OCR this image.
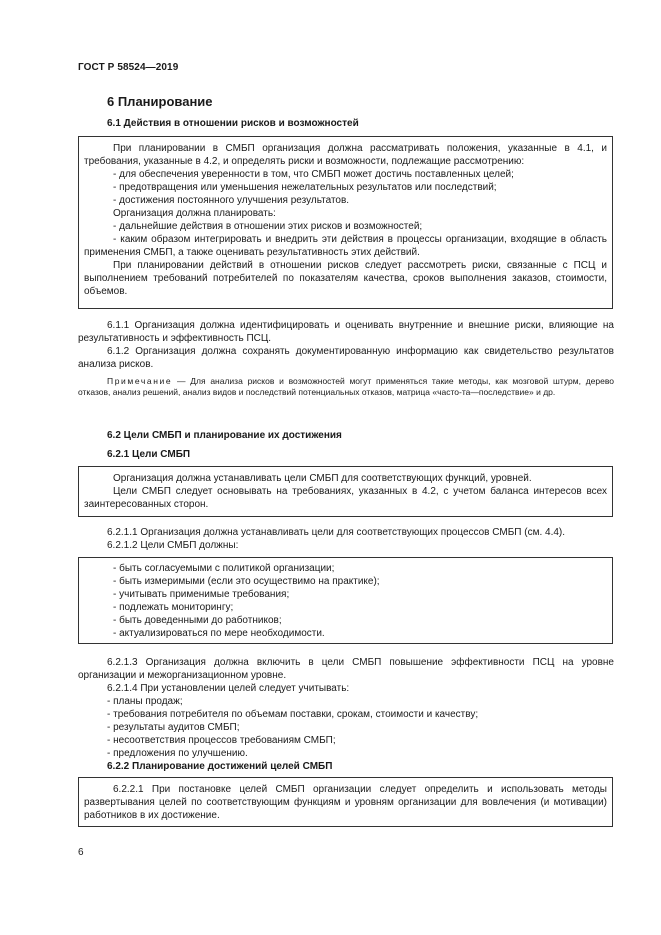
ГОСТ Р 58524—2019
6 Планирование
6.1 Действия в отношении рисков и возможностей

При планировании в СМБП организация должна рассматривать положения, указанные в 4.1, и требования, указанные в 4.2, и определять риски и возможности, подлежащие рассмотрению:

- для обеспечения уверенности в том, что СМБП может достичь поставленных целей;

- предотвращения или уменьшения нежелательных результатов или последствий;

- достижения постоянного улучшения результатов.

Организация должна планировать:

- дальнейшие действия в отношении этих рисков и возможностей;

- каким образом интегрировать и внедрить эти действия в процессы организации, входящие в область применения СМБП, а также оценивать результативность этих действий.

При планировании действий в отношении рисков следует рассмотреть риски, связанные с ПСЦ и выполнением требований потребителей по показателям качества, сроков выполнения заказов, стоимости, объемов.

6.1.1 Организация должна идентифицировать и оценивать внутренние и внешние риски, влияющие на результативность и эффективность ПСЦ.

6.1.2 Организация должна сохранять документированную информацию как свидетельство результатов анализа рисков.

Примечание — Для анализа рисков и возможностей могут применяться такие методы, как мозговой штурм, дерево отказов, анализ решений, анализ видов и последствий потенциальных отказов, матрица «часто-та—последствие» и др.

6.2 Цели СМБП и планирование их достижения
6.2.1 Цели СМБП

Организация должна устанавливать цели СМБП для соответствующих функций, уровней.

Цели СМБП следует основывать на требованиях, указанных в 4.2, с учетом баланса интересов всех заинтересованных сторон.

6.2.1.1 Организация должна устанавливать цели для соответствующих процессов СМБП (см. 4.4).

6.2.1.2 Цели СМБП должны:

- быть согласуемыми с политикой организации;

- быть измеримыми (если это осуществимо на практике);

- учитывать применимые требования;

- подлежать мониторингу;

- быть доведенными до работников;

- актуализироваться по мере необходимости.

6.2.1.3 Организация должна включить в цели СМБП повышение эффективности ПСЦ на уровне организации и межорганизационном уровне.

6.2.1.4 При установлении целей следует учитывать:

- планы продаж;

- требования потребителя по объемам поставки, срокам, стоимости и качеству;

- результаты аудитов СМБП;

- несоответствия процессов требованиям СМБП;

- предложения по улучшению.

6.2.2 Планирование достижений целей СМБП

6.2.2.1 При постановке целей СМБП организации следует определить и использовать методы развертывания целей по соответствующим функциям и уровням организации для вовлечения (и мотивации) работников в их достижение.

6
